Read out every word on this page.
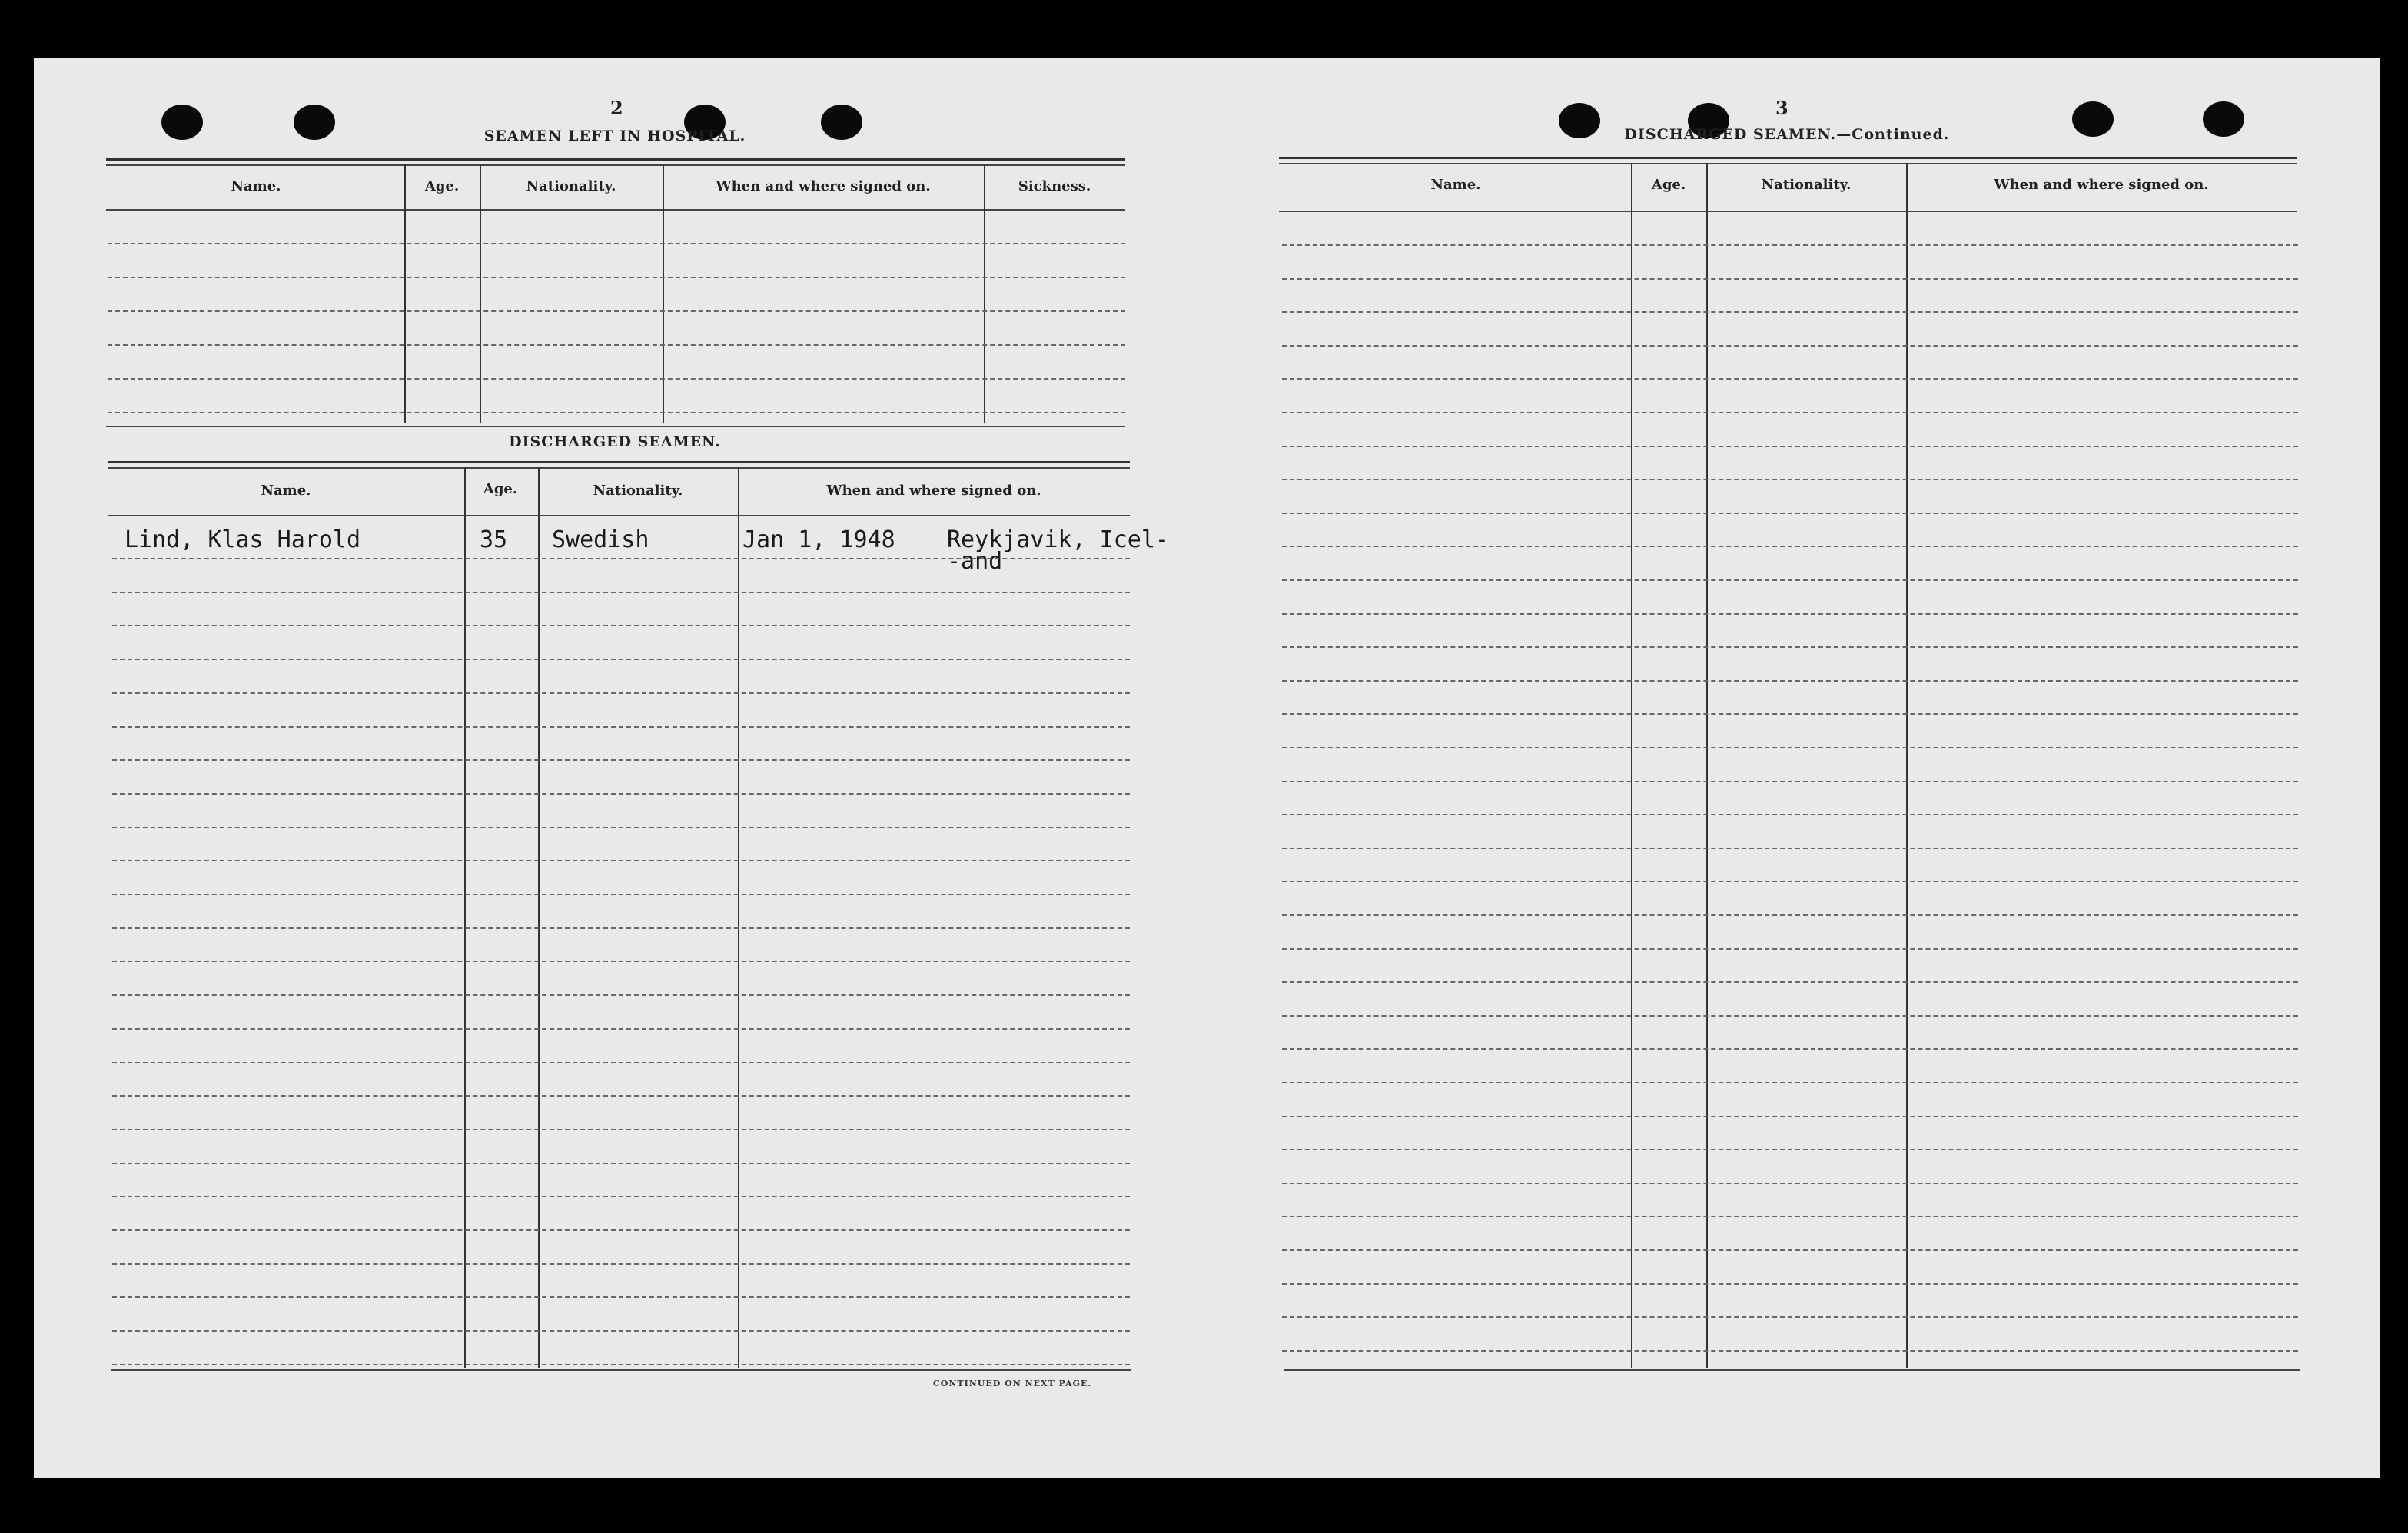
2
SEAMEN LEFT IN HOSPITAL.
Name.	Age.	Nationality.	When and where signed on.	Sickness.
DISCHARGED SEAMEN.
Name.	Age.	Nationality.	When and where signed on.
Lind, Klas Harold	35 Swedish	Jan 1, 1948 Reykjavik, Icel-
-and
CONTINUED ON NEXT PAGE.
3
DISCHARGED SEAMEN.—Continued.
Name.	Age.	Nationality.	When and where signed on.
